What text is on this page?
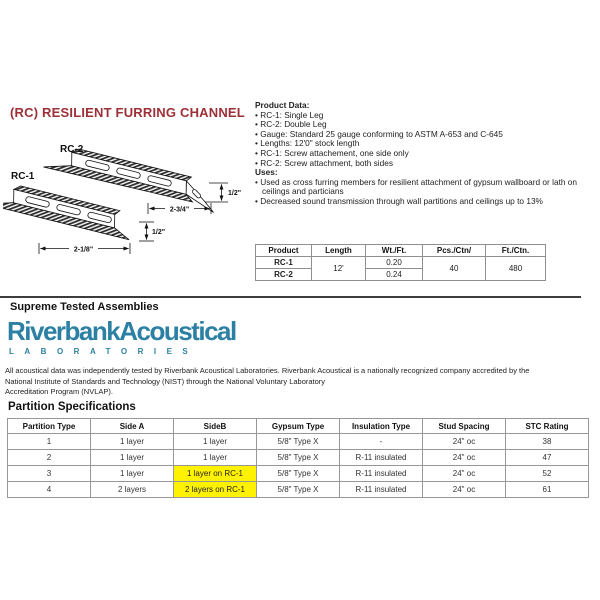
(RC) RESILIENT FURRING CHANNEL
RC-2
RC-1
2-3/4"
1/2"
2-1/8"
1/2"
Product Data:
• RC-1: Single Leg
• RC-2: Double Leg
• Gauge: Standard 25 gauge conforming to ASTM A-653 and C-645
• Lengths: 12'0" stock length
• RC-1: Screw attachement, one side only
• RC-2: Screw attachment, both sides
Uses:
• Used as cross furring members for resilient attachment of gypsum wallboard or lath on ceilings and particians
• Decreased sound transmission through wall partitions and ceilings up to 13%
Product	Length	Wt./Ft.	Pcs./Ctn/	Ft./Ctn.
RC-1	12'	0.20	40	480
RC-2		0.24		
Supreme Tested Assemblies
RiverbankAcoustical
LABORATORIES
All acoustical data was independently tested by Riverbank Acoustical Laboratories. Riverbank Acoustical is a nationally recognized company accredited by the
National Institute of Standards and Technology (NIST) through the National Voluntary Laboratory
Accreditation Program (NVLAP).
Partition Specifications
Partition Type	Side A	SideB	Gypsum Type	Insulation Type	Stud Spacing	STC Rating
1	1 layer	1 layer	5/8" Type X	-	24" oc	38
2	1 layer	1 layer	5/8" Type X	R-11 insulated	24" oc	47
3	1 layer	1 layer on RC-1	5/8" Type X	R-11 insulated	24" oc	52
4	2 layers	2 layers on RC-1	5/8" Type X	R-11 insulated	24" oc	61
